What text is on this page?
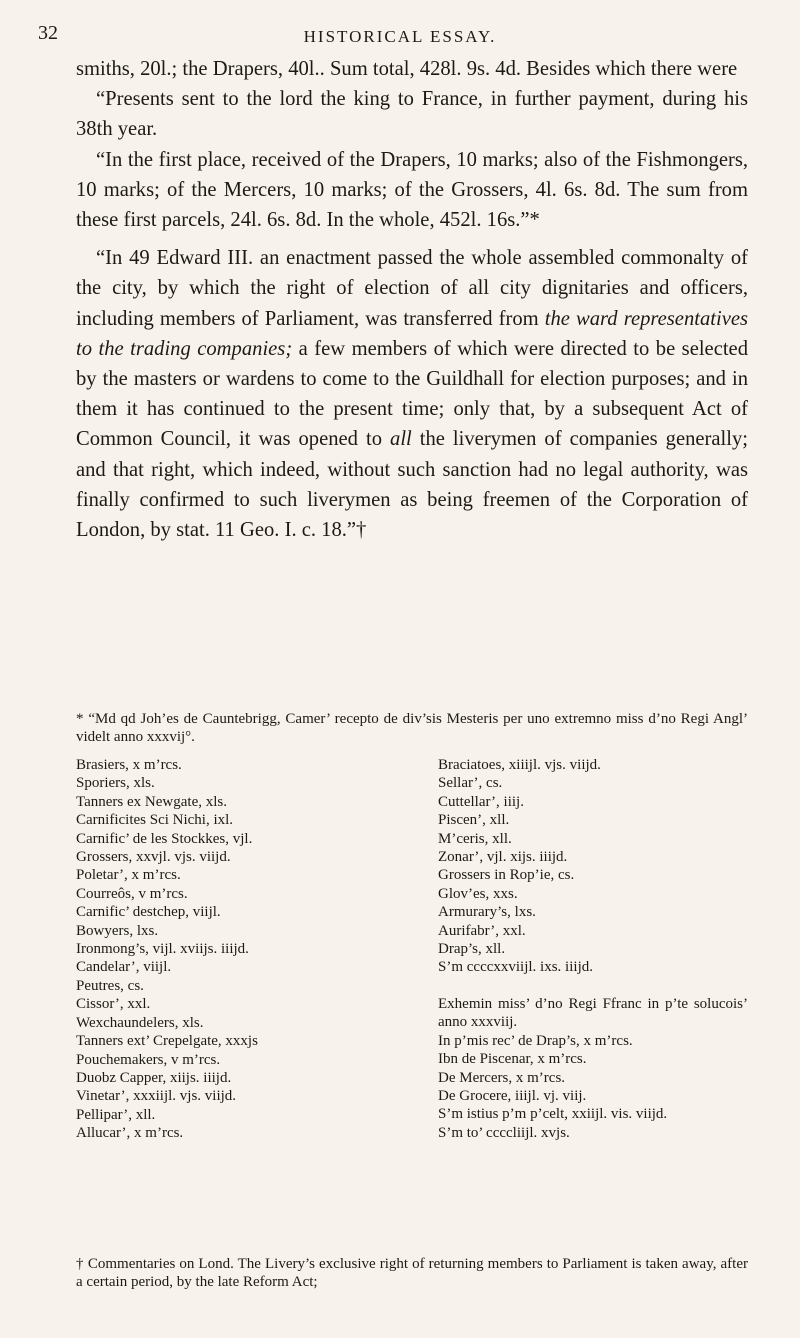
32	HISTORICAL ESSAY.

smiths, 20l.; the Drapers, 40l.. Sum total, 428l. 9s. 4d. Besides which there were

“Presents sent to the lord the king to France, in further payment, during his 38th year.

“In the first place, received of the Drapers, 10 marks; also of the Fishmongers, 10 marks; of the Mercers, 10 marks; of the Grossers, 4l. 6s. 8d. The sum from these first parcels, 24l. 6s. 8d. In the whole, 452l. 16s.”*

“In 49 Edward III. an enactment passed the whole assembled commonalty of the city, by which the right of election of all city dignitaries and officers, including members of Parliament, was transferred from the ward representatives to the trading companies; a few members of which were directed to be selected by the masters or wardens to come to the Guildhall for election purposes; and in them it has continued to the present time; only that, by a subsequent Act of Common Council, it was opened to all the liverymen of companies generally; and that right, which indeed, without such sanction had no legal authority, was finally confirmed to such liverymen as being freemen of the Corporation of London, by stat. 11 Geo. I. c. 18.”†

* “Md qd Joh’es de Cauntebrigg, Camer’ recepto de div’sis Mesteris per uno extremno miss d’no Regi Angl’ videlt anno xxxvij°.
Brasiers, x m’rcs.
Sporiers, xls.
Tanners ex Newgate, xls.
Carnificites Sci Nichi, ixl.
Carnific’ de les Stockkes, vjl.
Grossers, xxvjl. vjs. viijd.
Poletar’, x m’rcs.
Courreôs, v m’rcs.
Carnific’ destchep, viijl.
Bowyers, lxs.
Ironmong’s, vijl. xviijs. iiijd.
Candelar’, viijl.
Peutres, cs.
Cissor’, xxl.
Wexchaundelers, xls.
Tanners ext’ Crepelgate, xxxjs
Pouchemakers, v m’rcs.
Duobz Capper, xiijs. iiijd.
Vinetar’, xxxiijl. vjs. viijd.
Pellipar’, xll.
Allucar’, x m’rcs.
Braciatoes, xiiijl. vjs. viijd.
Sellar’, cs.
Cuttellar’, iiij.
Piscen’, xll.
M’ceris, xll.
Zonar’, vjl. xijs. iiijd.
Grossers in Rop’ie, cs.
Glov’es, xxs.
Armurary’s, lxs.
Aurifabr’, xxl.
Drap’s, xll.
S’m ccccxxviijl. ixs. iiijd.
Exhemin miss’ d’no Regi Ffranc in p’te solucois’ anno xxxviij.
In p’mis rec’ de Drap’s, x m’rcs.
Ibn de Piscenar, x m’rcs.
De Mercers, x m’rcs.
De Grocere, iiijl. vj. viij.
S’m istius p’m p’celt, xxiijl. vis. viijd.
S’m to’ ccccliijl. xvjs.
† Commentaries on Lond. The Livery’s exclusive right of returning members to Parliament is taken away, after a certain period, by the late Reform Act;
